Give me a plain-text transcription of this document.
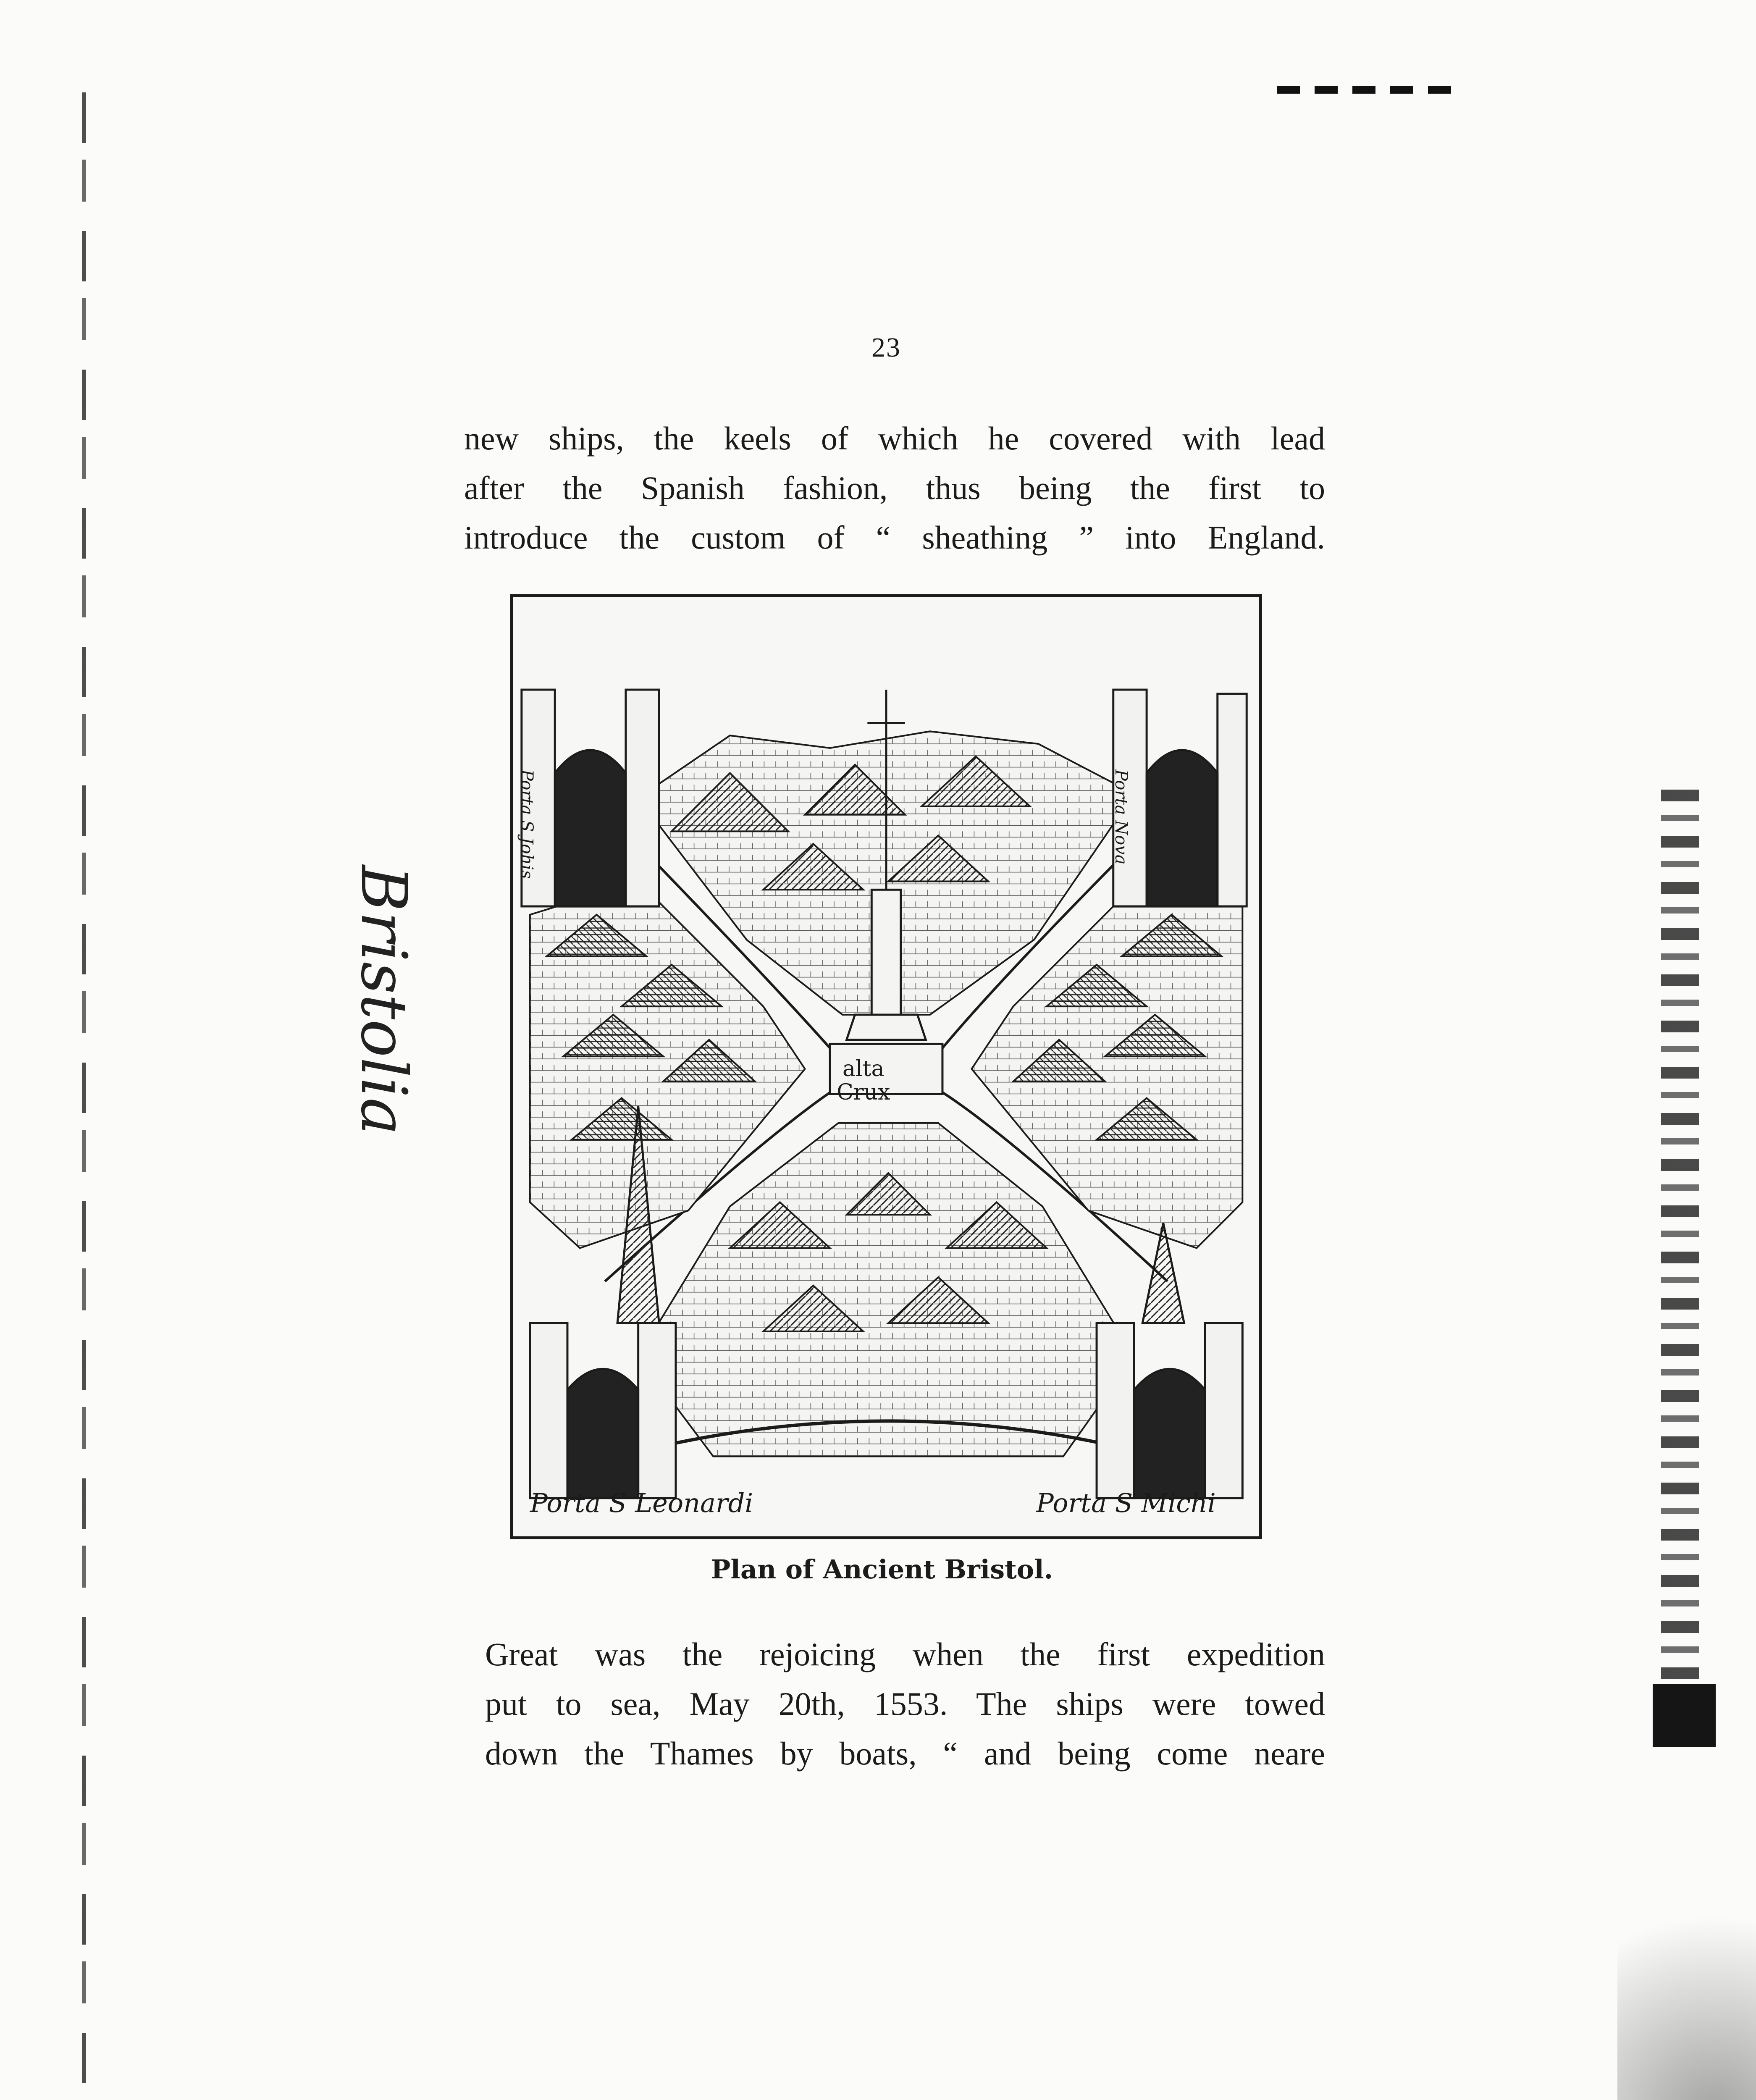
23

new ships, the keels of which he covered with lead
after the Spanish fashion, thus being the first to
introduce the custom of “ sheathing ” into England.

Bristolia	alta
Crux
Porta S Johis	Porta Nova
Porta S Leonardi	Porta S Michi
Plan of Ancient Bristol.

Great was the rejoicing when the first expedition
put to sea, May 20th, 1553. The ships were towed
down the Thames by boats, “ and being come neare
